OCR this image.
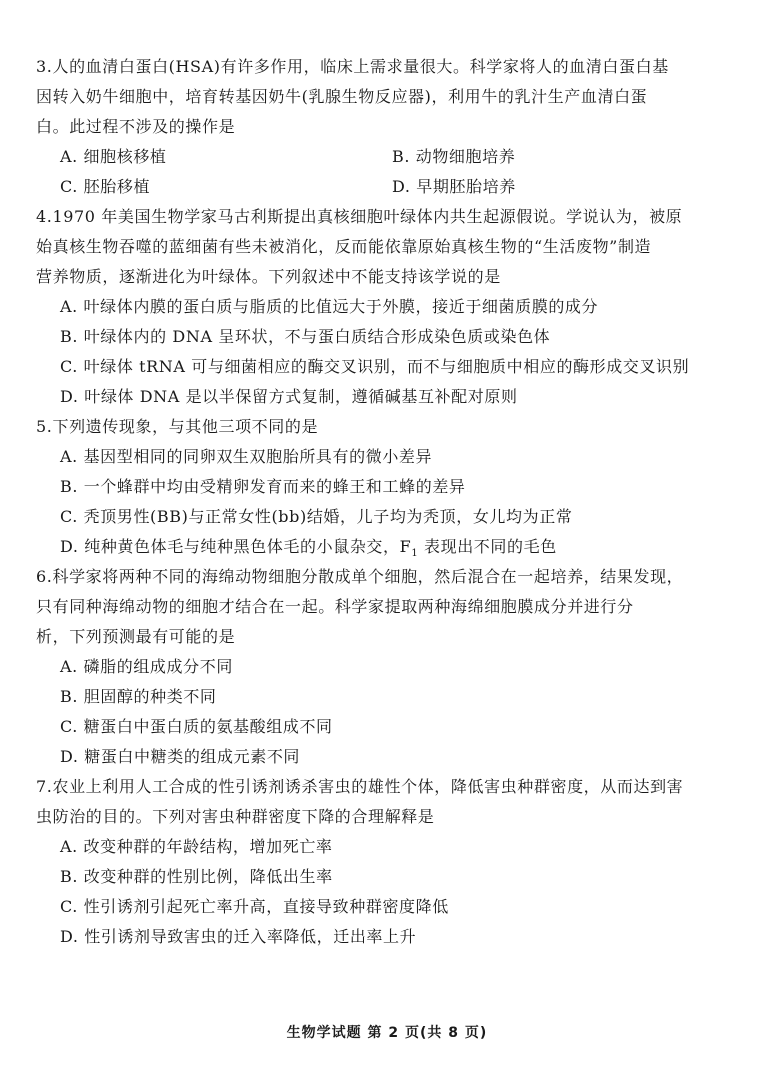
3.人的血清白蛋白(HSA)有许多作用，临床上需求量很大。科学家将人的血清白蛋白基
因转入奶牛细胞中，培育转基因奶牛(乳腺生物反应器)，利用牛的乳汁生产血清白蛋
白。此过程不涉及的操作是
A. 细胞核移植	B. 动物细胞培养
C. 胚胎移植	D. 早期胚胎培养
4.1970 年美国生物学家马古利斯提出真核细胞叶绿体内共生起源假说。学说认为，被原
始真核生物吞噬的蓝细菌有些未被消化，反而能依靠原始真核生物的“生活废物”制造
营养物质，逐渐进化为叶绿体。下列叙述中不能支持该学说的是
A. 叶绿体内膜的蛋白质与脂质的比值远大于外膜，接近于细菌质膜的成分
B. 叶绿体内的 DNA 呈环状，不与蛋白质结合形成染色质或染色体
C. 叶绿体 tRNA 可与细菌相应的酶交叉识别，而不与细胞质中相应的酶形成交叉识别
D. 叶绿体 DNA 是以半保留方式复制，遵循碱基互补配对原则
5.下列遗传现象，与其他三项不同的是
A. 基因型相同的同卵双生双胞胎所具有的微小差异
B. 一个蜂群中均由受精卵发育而来的蜂王和工蜂的差异
C. 秃顶男性(BB)与正常女性(bb)结婚，儿子均为秃顶，女儿均为正常
D. 纯种黄色体毛与纯种黑色体毛的小鼠杂交，$F_1$ 表现出不同的毛色
6.科学家将两种不同的海绵动物细胞分散成单个细胞，然后混合在一起培养，结果发现，
只有同种海绵动物的细胞才结合在一起。科学家提取两种海绵细胞膜成分并进行分
析，下列预测最有可能的是
A. 磷脂的组成成分不同
B. 胆固醇的种类不同
C. 糖蛋白中蛋白质的氨基酸组成不同
D. 糖蛋白中糖类的组成元素不同
7.农业上利用人工合成的性引诱剂诱杀害虫的雄性个体，降低害虫种群密度，从而达到害
虫防治的目的。下列对害虫种群密度下降的合理解释是
A. 改变种群的年龄结构，增加死亡率
B. 改变种群的性别比例，降低出生率
C. 性引诱剂引起死亡率升高，直接导致种群密度降低
D. 性引诱剂导致害虫的迁入率降低，迁出率上升
生物学试题 第 2 页(共 8 页)
